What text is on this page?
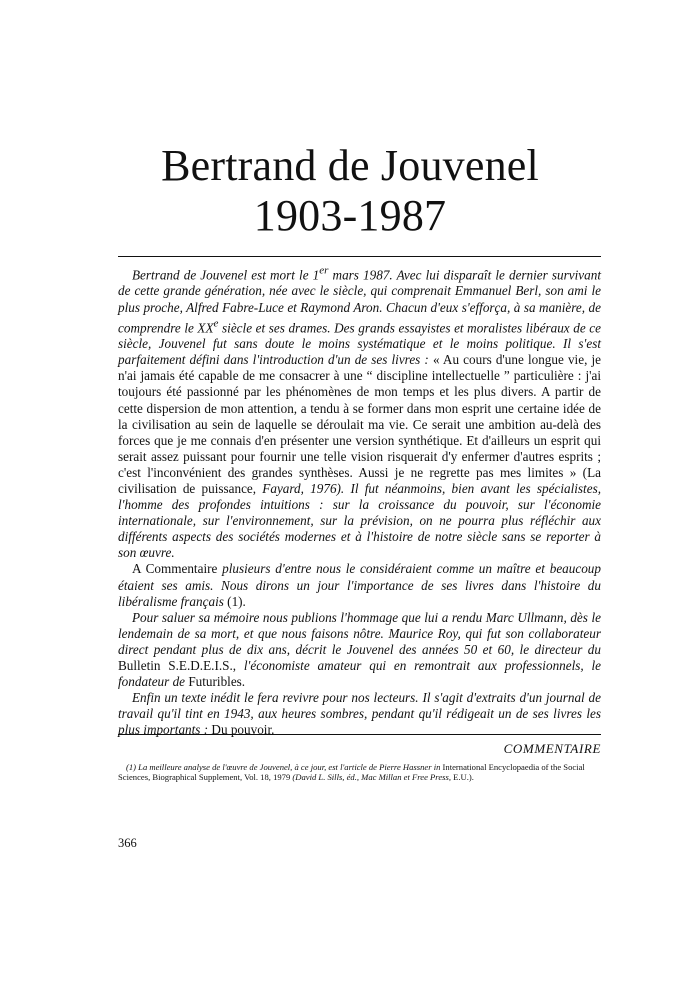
Bertrand de Jouvenel
1903-1987

Bertrand de Jouvenel est mort le 1er mars 1987. Avec lui disparaît le dernier survivant de cette grande génération, née avec le siècle, qui comprenait Emmanuel Berl, son ami le plus proche, Alfred Fabre-Luce et Raymond Aron. Chacun d'eux s'efforça, à sa manière, de comprendre le XXe siècle et ses drames. Des grands essayistes et moralistes libéraux de ce siècle, Jouvenel fut sans doute le moins systématique et le moins politique. Il s'est parfaitement défini dans l'introduction d'un de ses livres : « Au cours d'une longue vie, je n'ai jamais été capable de me consacrer à une “ discipline intellectuelle ” particulière : j'ai toujours été passionné par les phénomènes de mon temps et les plus divers. A partir de cette dispersion de mon attention, a tendu à se former dans mon esprit une certaine idée de la civilisation au sein de laquelle se déroulait ma vie. Ce serait une ambition au-delà des forces que je me connais d'en présenter une version synthétique. Et d'ailleurs un esprit qui serait assez puissant pour fournir une telle vision risquerait d'y enfermer d'autres esprits ; c'est l'inconvénient des grandes synthèses. Aussi je ne regrette pas mes limites » (La civilisation de puissance, Fayard, 1976). Il fut néanmoins, bien avant les spécialistes, l'homme des profondes intuitions : sur la croissance du pouvoir, sur l'économie internationale, sur l'environnement, sur la prévision, on ne pourra plus réfléchir aux différents aspects des sociétés modernes et à l'histoire de notre siècle sans se reporter à son œuvre.

A Commentaire plusieurs d'entre nous le considéraient comme un maître et beaucoup étaient ses amis. Nous dirons un jour l'importance de ses livres dans l'histoire du libéralisme français (1).

Pour saluer sa mémoire nous publions l'hommage que lui a rendu Marc Ullmann, dès le lendemain de sa mort, et que nous faisons nôtre. Maurice Roy, qui fut son collaborateur direct pendant plus de dix ans, décrit le Jouvenel des années 50 et 60, le directeur du Bulletin S.E.D.E.I.S., l'économiste amateur qui en remontrait aux professionnels, le fondateur de Futuribles.

Enfin un texte inédit le fera revivre pour nos lecteurs. Il s'agit d'extraits d'un journal de travail qu'il tint en 1943, aux heures sombres, pendant qu'il rédigeait un de ses livres les plus importants : Du pouvoir.

COMMENTAIRE
(1) La meilleure analyse de l'œuvre de Jouvenel, à ce jour, est l'article de Pierre Hassner in International Encyclopaedia of the Social Sciences, Biographical Supplement, Vol. 18, 1979 (David L. Sills, éd., Mac Millan et Free Press, E.U.).
366
